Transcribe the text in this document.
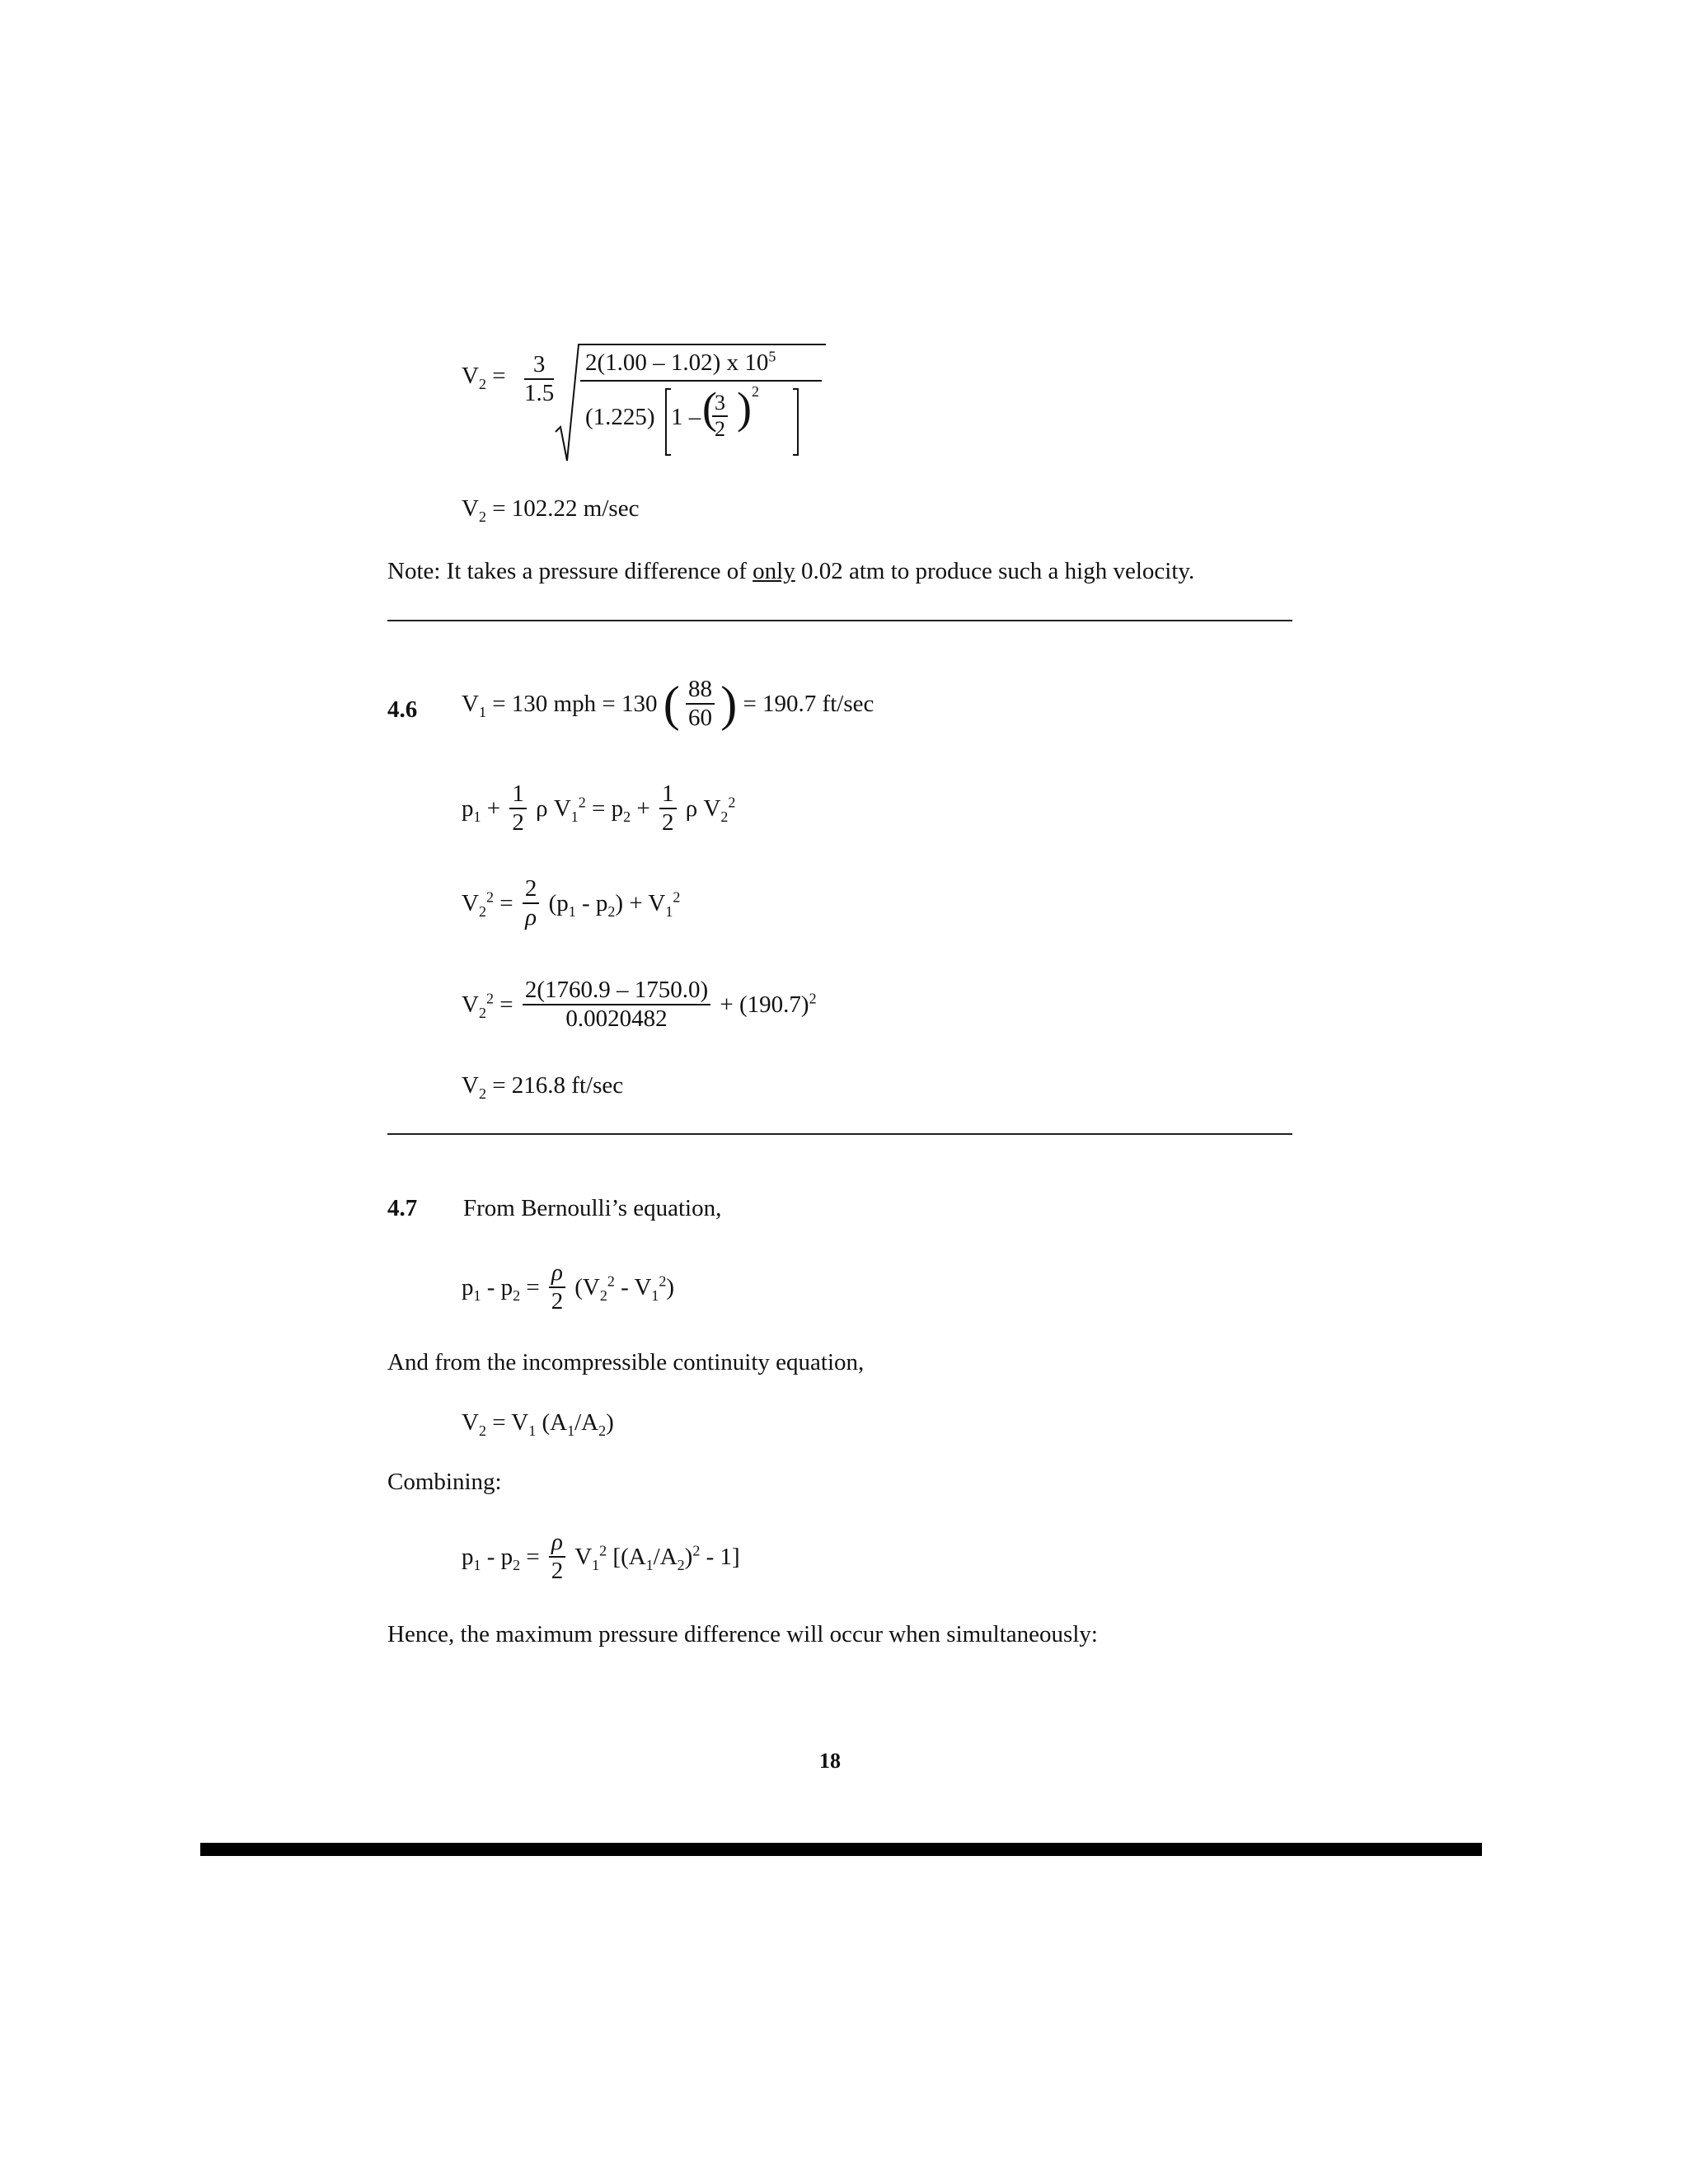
$V_2 = \frac{3}{1.5} 2(1.00 - 1.02)$ x $10^5$
(1.225) 1 – (
$\frac{3}{2}$ ) 2
$V_2 = 102.22$ m/sec
Note: It takes a pressure difference of only 0.02 atm to produce such a high velocity.
4.6 $V_1 = 130$ mph = 130 ( $\frac{88}{60}$ ) = 190.7 ft/sec
$p_1 + \frac{1}{2}$ ρ $V_1^2 = p_2 + \frac{1}{2}$ ρ $V_2^2$
$V_2^2 = \frac{2}{\rho} (p_1 - p_2) + V_1^2$
$V_2^2 = \frac{2(1760.9 - 1750.0)}{0.0020482} + (190.7)^2$
$V_2 = 216.8$ ft/sec
4.7 From Bernoulli’s equation,
$p_1 - p_2 = \frac{\rho}{2} (V_2^2 - V_1^2)$
And from the incompressible continuity equation,
$V_2 = V_1$ $(A_1/A_2)$
Combining:
$p_1 - p_2 = \frac{\rho}{2} V_1^2$ $[(A_1/A_2)^2 - 1]$
Hence, the maximum pressure difference will occur when simultaneously:
18
